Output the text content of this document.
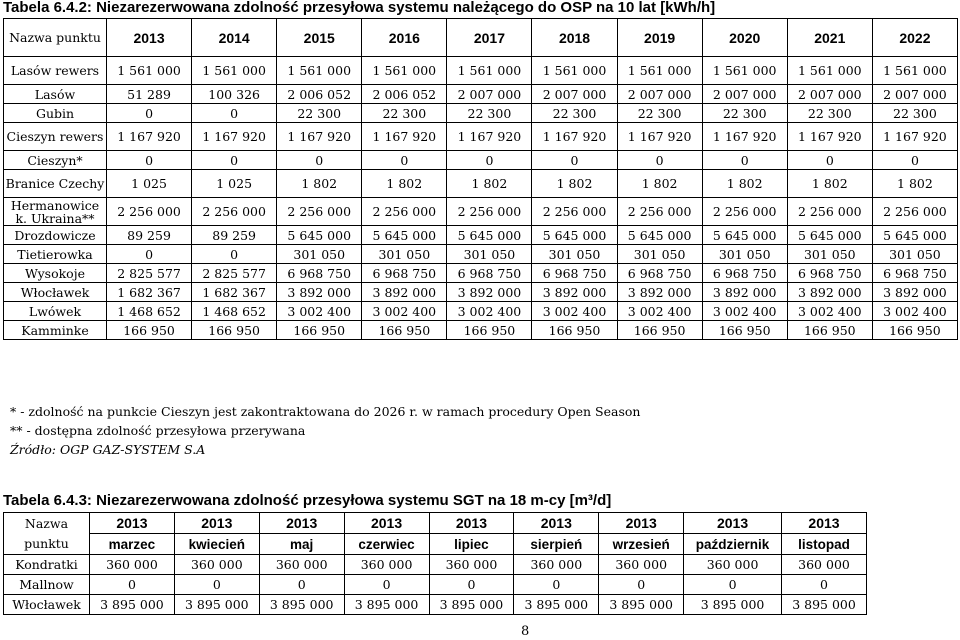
Tabela 6.4.2: Niezarezerwowana zdolność przesyłowa systemu należącego do OSP na 10 lat [kWh/h]
Nazwa punktu	2013	2014	2015	2016	2017	2018	2019	2020	2021	2022
Lasów rewers	1 561 000	1 561 000	1 561 000	1 561 000	1 561 000	1 561 000	1 561 000	1 561 000	1 561 000	1 561 000
Lasów	51 289	100 326	2 006 052	2 006 052	2 007 000	2 007 000	2 007 000	2 007 000	2 007 000	2 007 000
Gubin	0	0	22 300	22 300	22 300	22 300	22 300	22 300	22 300	22 300
Cieszyn rewers	1 167 920	1 167 920	1 167 920	1 167 920	1 167 920	1 167 920	1 167 920	1 167 920	1 167 920	1 167 920
Cieszyn*	0	0	0	0	0	0	0	0	0	0
Branice Czechy	1 025	1 025	1 802	1 802	1 802	1 802	1 802	1 802	1 802	1 802
Hermanowice k. Ukraina**	2 256 000	2 256 000	2 256 000	2 256 000	2 256 000	2 256 000	2 256 000	2 256 000	2 256 000	2 256 000
Drozdowicze	89 259	89 259	5 645 000	5 645 000	5 645 000	5 645 000	5 645 000	5 645 000	5 645 000	5 645 000
Tietierowka	0	0	301 050	301 050	301 050	301 050	301 050	301 050	301 050	301 050
Wysokoje	2 825 577	2 825 577	6 968 750	6 968 750	6 968 750	6 968 750	6 968 750	6 968 750	6 968 750	6 968 750
Włocławek	1 682 367	1 682 367	3 892 000	3 892 000	3 892 000	3 892 000	3 892 000	3 892 000	3 892 000	3 892 000
Lwówek	1 468 652	1 468 652	3 002 400	3 002 400	3 002 400	3 002 400	3 002 400	3 002 400	3 002 400	3 002 400
Kamminke	166 950	166 950	166 950	166 950	166 950	166 950	166 950	166 950	166 950	166 950
* - zdolność na punkcie Cieszyn jest zakontraktowana do 2026 r. w ramach procedury Open Season
** - dostępna zdolność przesyłowa przerywana
Źródło: OGP GAZ-SYSTEM S.A
Tabela 6.4.3: Niezarezerwowana zdolność przesyłowa systemu SGT na 18 m-cy [m³/d]
Nazwa	2013	2013	2013	2013	2013	2013	2013	2013	2013
punktu	marzec	kwiecień	maj	czerwiec	lipiec	sierpień	wrzesień	październik	listopad
Kondratki	360 000	360 000	360 000	360 000	360 000	360 000	360 000	360 000	360 000
Mallnow	0	0	0	0	0	0	0	0	0
Włocławek	3 895 000	3 895 000	3 895 000	3 895 000	3 895 000	3 895 000	3 895 000	3 895 000	3 895 000
8
